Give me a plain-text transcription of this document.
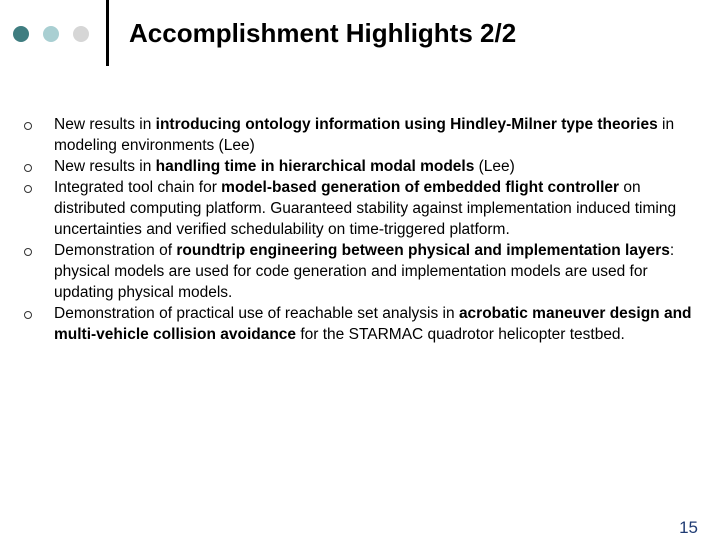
Accomplishment Highlights 2/2
New results in introducing ontology information using Hindley-Milner type theories in modeling environments (Lee)
New results in handling time in hierarchical modal models (Lee)
Integrated tool chain for model-based generation of embedded flight controller on distributed computing platform. Guaranteed stability against implementation induced timing uncertainties and verified schedulability on time-triggered platform.
Demonstration of roundtrip engineering between physical and implementation layers: physical models are used for code generation and implementation models are used for updating physical models.
Demonstration of practical use of reachable set analysis in acrobatic maneuver design and multi-vehicle collision avoidance for the STARMAC quadrotor helicopter testbed.
15
